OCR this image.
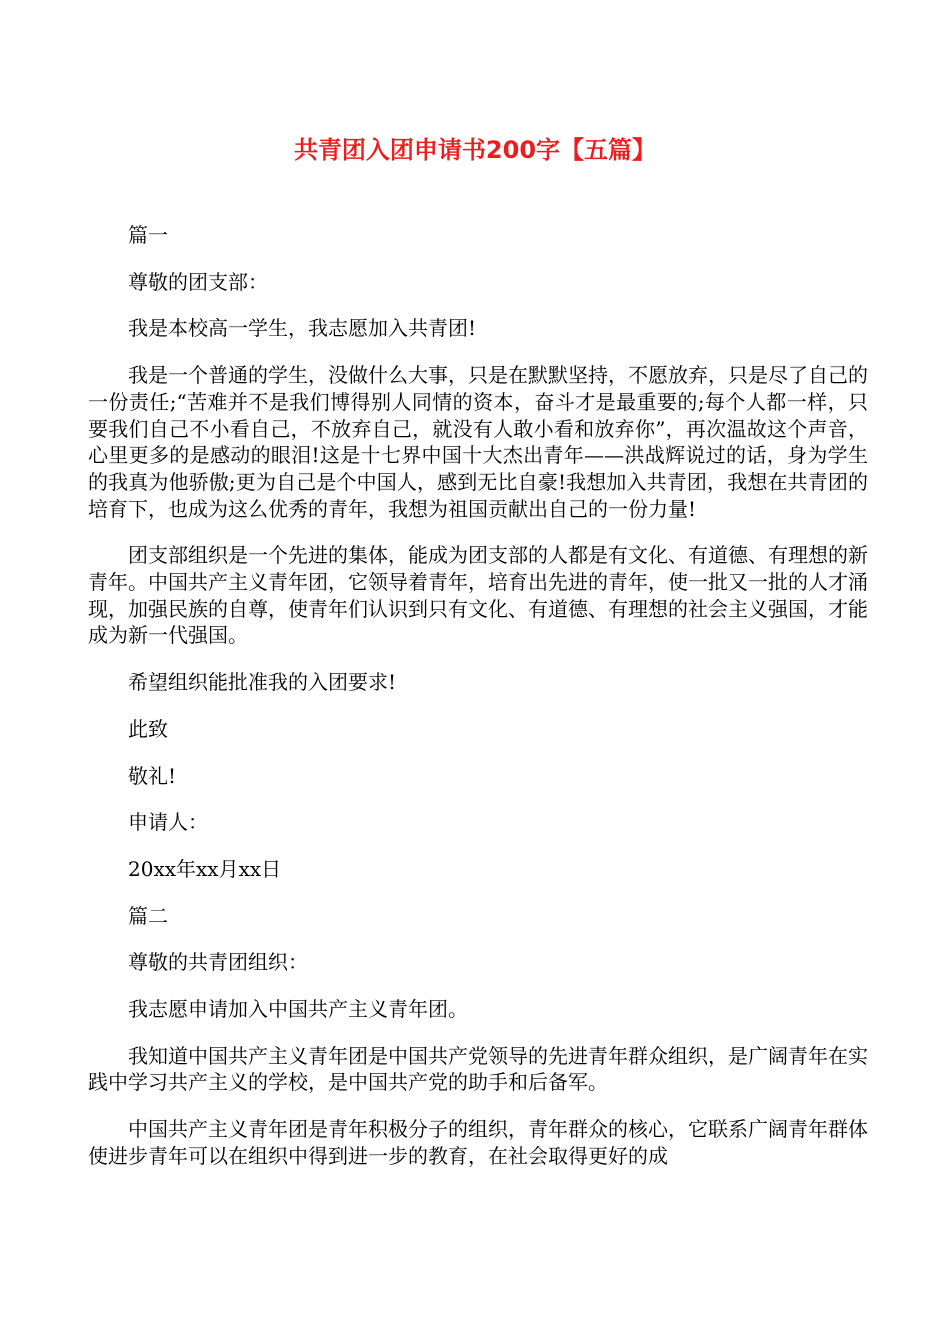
共青团入团申请书200字【五篇】

篇一

尊敬的团支部：

我是本校高一学生，我志愿加入共青团!

我是一个普通的学生，没做什么大事，只是在默默坚持，不愿放弃，只是尽了自己的一份责任;“苦难并不是我们博得别人同情的资本，奋斗才是最重要的;每个人都一样，只要我们自己不小看自己，不放弃自己，就没有人敢小看和放弃你”，再次温故这个声音，心里更多的是感动的眼泪!这是十七界中国十大杰出青年——洪战辉说过的话，身为学生的我真为他骄傲;更为自己是个中国人，感到无比自豪!我想加入共青团，我想在共青团的培育下，也成为这么优秀的青年，我想为祖国贡献出自己的一份力量!

团支部组织是一个先进的集体，能成为团支部的人都是有文化、有道德、有理想的新青年。中国共产主义青年团，它领导着青年，培育出先进的青年，使一批又一批的人才涌现，加强民族的自尊，使青年们认识到只有文化、有道德、有理想的社会主义强国，才能成为新一代强国。

希望组织能批准我的入团要求!

此致

敬礼!

申请人：

20xx年xx月xx日

篇二

尊敬的共青团组织：

我志愿申请加入中国共产主义青年团。

我知道中国共产主义青年团是中国共产党领导的先进青年群众组织，是广阔青年在实践中学习共产主义的学校，是中国共产党的助手和后备军。

中国共产主义青年团是青年积极分子的组织，青年群众的核心，它联系广阔青年群体使进步青年可以在组织中得到进一步的教育，在社会取得更好的成
